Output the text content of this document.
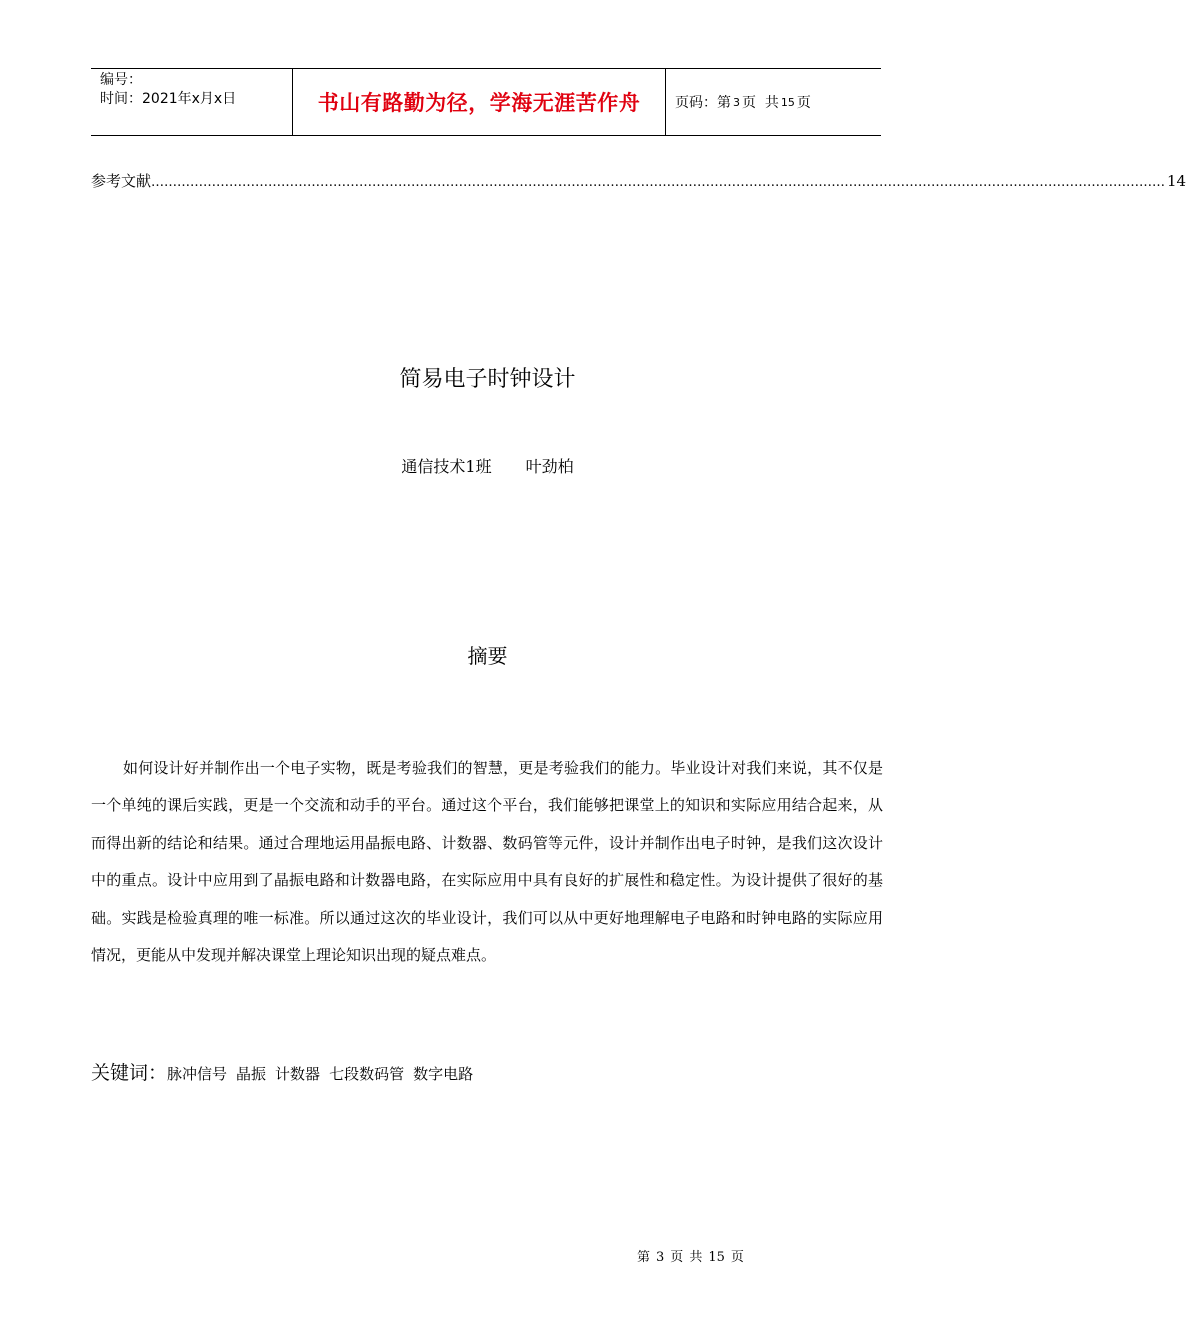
编号：
时间：2021年x月x日	书山有路勤为径，学海无涯苦作舟	页码：第 3 页  共 15 页
参考文献 ……………………………………………………………………………………………………………………………………………………………………………………………………………… 14
简易电子时钟设计
通信技术1班 叶劲柏
摘要

如何设计好并制作出一个电子实物，既是考验我们的智慧，更是考验我们的能力。毕业设计对我们来说，其不仅是一个单纯的课后实践，更是一个交流和动手的平台。通过这个平台，我们能够把课堂上的知识和实际应用结合起来，从而得出新的结论和结果。通过合理地运用晶振电路、计数器、数码管等元件，设计并制作出电子时钟，是我们这次设计中的重点。设计中应用到了晶振电路和计数器电路，在实际应用中具有良好的扩展性和稳定性。为设计提供了很好的基础。实践是检验真理的唯一标准。所以通过这次的毕业设计，我们可以从中更好地理解电子电路和时钟电路的实际应用情况，更能从中发现并解决课堂上理论知识出现的疑点难点。

关键词： 脉冲信号 晶振 计数器 七段数码管 数字电路
第 3 页 共 15 页
